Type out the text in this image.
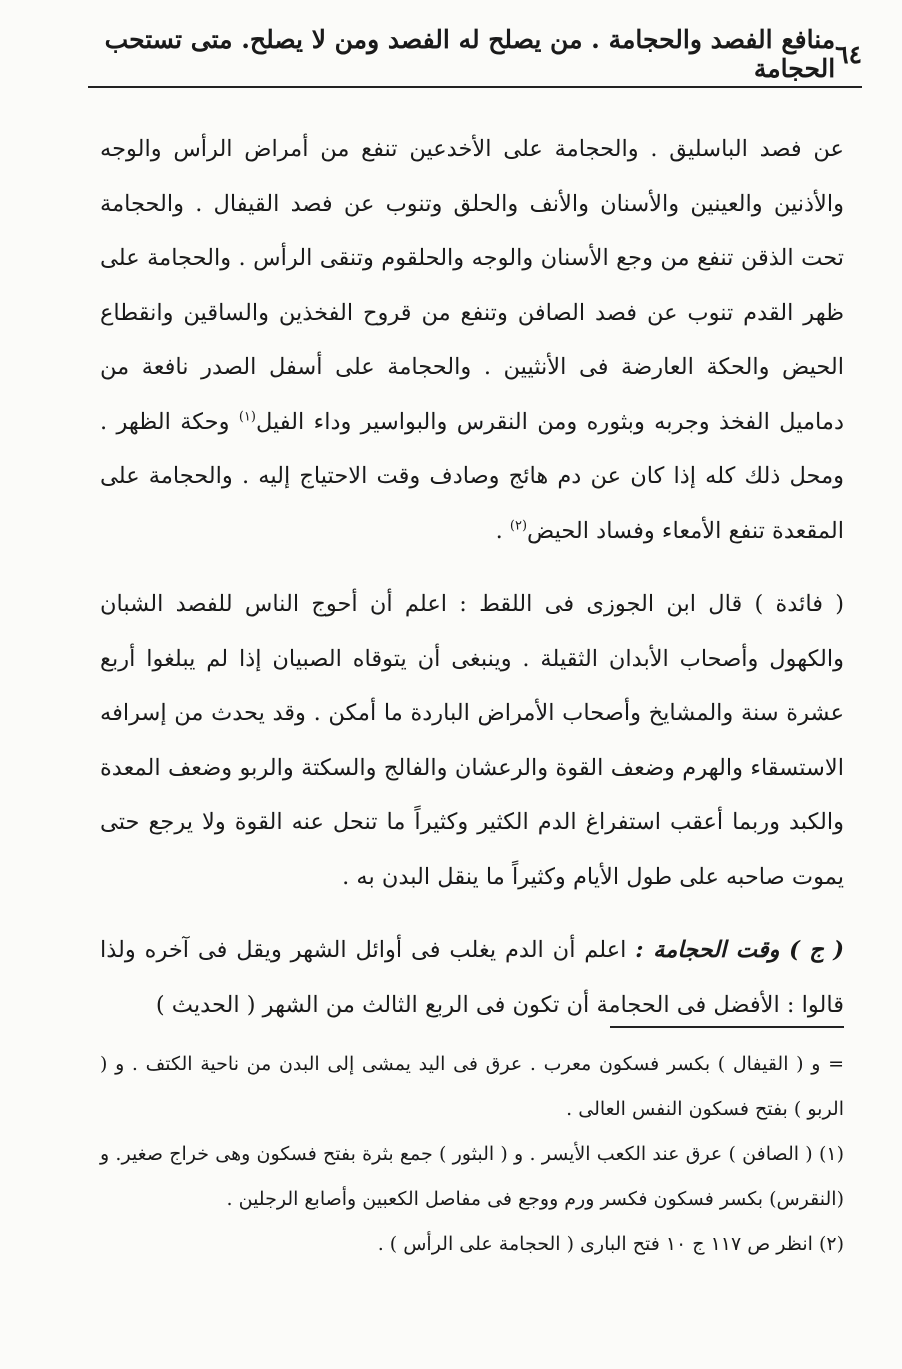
٦٤
منافع الفصد والحجامة . من يصلح له الفصد ومن لا يصلح. متى تستحب الحجامة

عن فصد الباسليق . والحجامة على الأخدعين تنفع من أمراض الرأس والوجه والأذنين والعينين والأسنان والأنف والحلق وتنوب عن فصد القيفال . والحجامة تحت الذقن تنفع من وجع الأسنان والوجه والحلقوم وتنقى الرأس . والحجامة على ظهر القدم تنوب عن فصد الصافن وتنفع من قروح الفخذين والساقين وانقطاع الحيض والحكة العارضة فى الأنثيين . والحجامة على أسفل الصدر نافعة من دماميل الفخذ وجربه وبثوره ومن النقرس والبواسير وداء الفيل$^{(١)}$ وحكة الظهر . ومحل ذلك كله إذا كان عن دم هائج وصادف وقت الاحتياج إليه . والحجامة على المقعدة تنفع الأمعاء وفساد الحيض$^{(٢)}$ .

( فائدة ) قال ابن الجوزى فى اللقط : اعلم أن أحوج الناس للفصد الشبان والكهول وأصحاب الأبدان الثقيلة . وينبغى أن يتوقاه الصبيان إذا لم يبلغوا أربع عشرة سنة والمشايخ وأصحاب الأمراض الباردة ما أمكن . وقد يحدث من إسرافه الاستسقاء والهرم وضعف القوة والرعشان والفالج والسكتة والربو وضعف المعدة والكبد وربما أعقب استفراغ الدم الكثير وكثيراً ما تنحل عنه القوة ولا يرجع حتى يموت صاحبه على طول الأيام وكثيراً ما ينقل البدن به .

( ج ) وقت الحجامة : اعلم أن الدم يغلب فى أوائل الشهر ويقل فى آخره ولذا قالوا : الأفضل فى الحجامة أن تكون فى الربع الثالث من الشهر ( الحديث )

= و ( القيفال ) بكسر فسكون معرب . عرق فى اليد يمشى إلى البدن من ناحية الكتف . و ( الربو ) بفتح فسكون النفس العالى .

(١) ( الصافن ) عرق عند الكعب الأيسر . و ( البثور ) جمع بثرة بفتح فسكون وهى خراج صغير. و (النقرس) بكسر فسكون فكسر ورم ووجع فى مفاصل الكعبين وأصابع الرجلين .

(٢) انظر ص ١١٧ ج ١٠ فتح البارى ( الحجامة على الرأس ) .
